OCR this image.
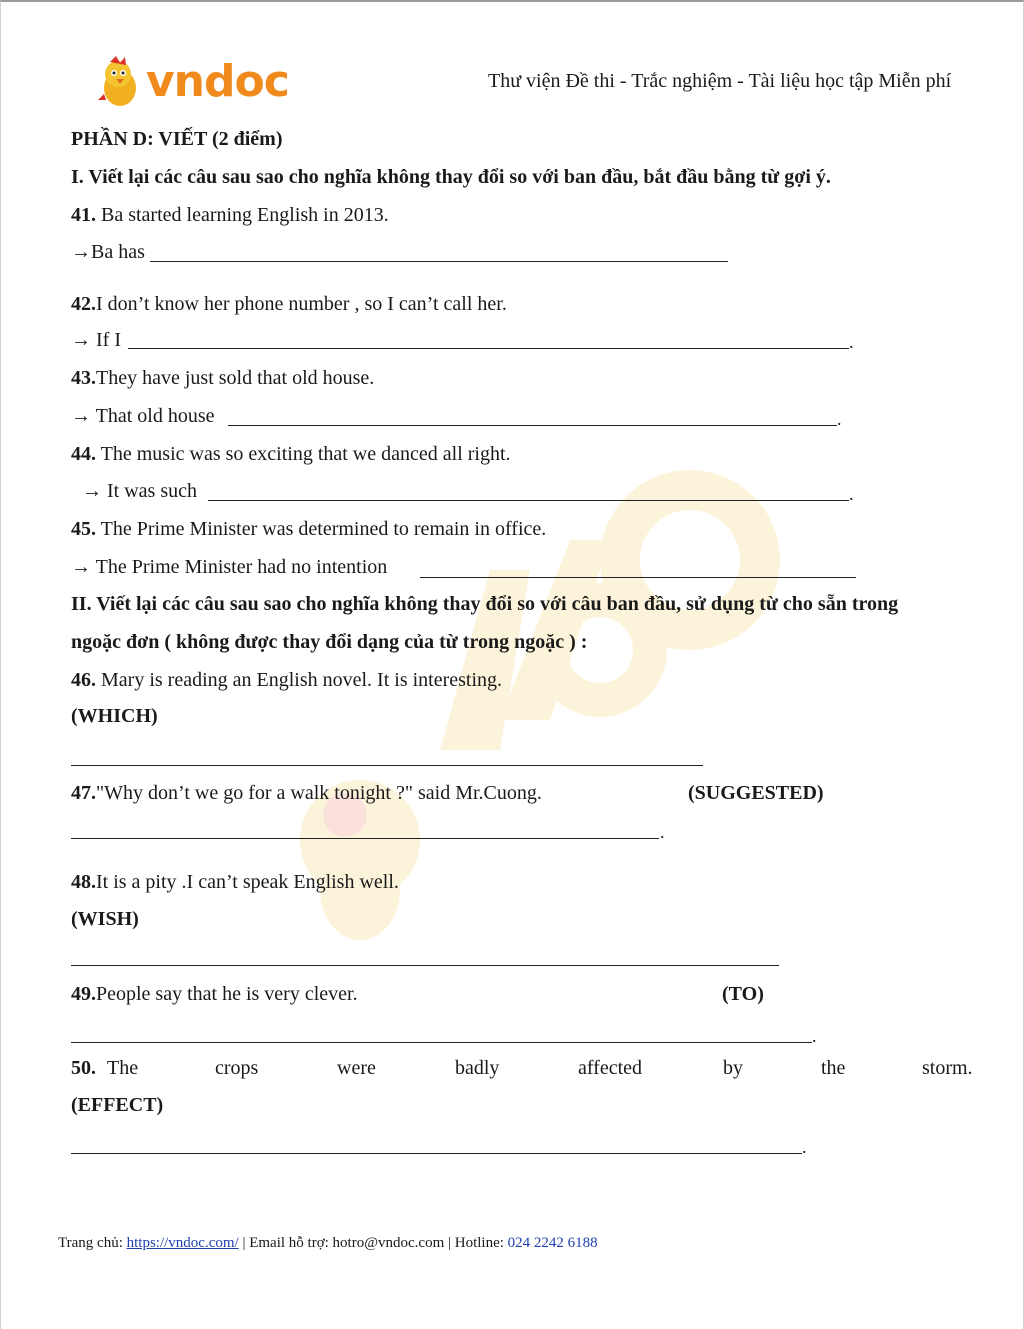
vndoc	Thư viện Đề thi - Trắc nghiệm - Tài liệu học tập Miễn phí
PHẦN D: VIẾT (2 điểm)
I. Viết lại các câu sau sao cho nghĩa không thay đổi so với ban đầu, bắt đầu bằng từ gợi ý.
41. Ba started learning English in 2013.
→Ba has
42.I don’t know her phone number , so I can’t call her.
→ If I	.
43.They have just sold that old house.
→ That old house	.
44. The music was so exciting that we danced all right.
→ It was such	.
45. The Prime Minister was determined to remain in office.
→ The Prime Minister had no intention
II. Viết lại các câu sau sao cho nghĩa không thay đổi so với câu ban đầu, sử dụng từ cho sẵn trong
ngoặc đơn ( không được thay đổi dạng của từ trong ngoặc ) :
46. Mary is reading an English novel. It is interesting.
(WHICH)
47."Why don’t we go for a walk tonight ?" said Mr.Cuong.	(SUGGESTED)
.
48.It is a pity .I can’t speak English well.
(WISH)
49.People say that he is very clever.	(TO)
.
50. The	crops	were	badly	affected	by	the	storm.
(EFFECT)
.
Trang chủ: https://vndoc.com/ | Email hỗ trợ: hotro@vndoc.com | Hotline: 024 2242 6188
